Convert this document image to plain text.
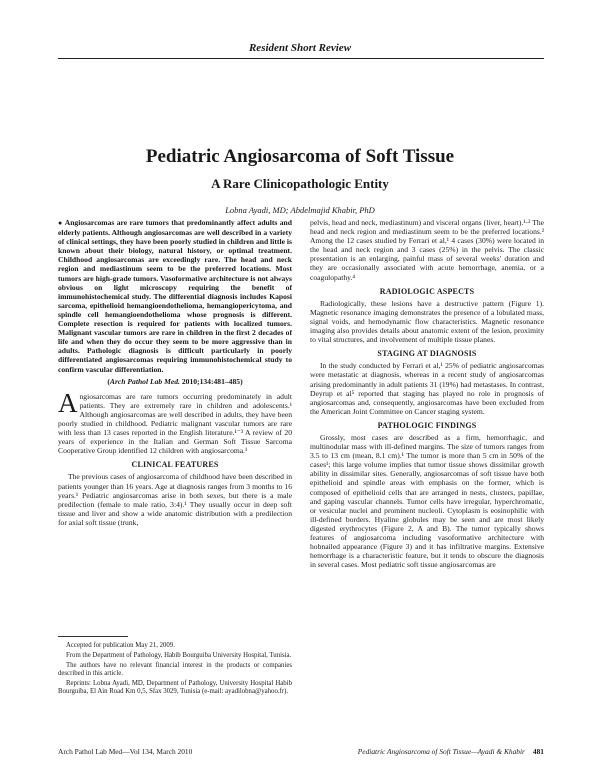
Resident Short Review
Pediatric Angiosarcoma of Soft Tissue
A Rare Clinicopathologic Entity
Lobna Ayadi, MD; Abdelmajid Khabir, PhD

● Angiosarcomas are rare tumors that predominantly affect adults and elderly patients. Although angiosarcomas are well described in a variety of clinical settings, they have been poorly studied in children and little is known about their biology, natural history, or optimal treatment. Childhood angiosarcomas are exceedingly rare. The head and neck region and mediastinum seem to be the preferred locations. Most tumors are high-grade tumors. Vasoformative architecture is not always obvious on light microscopy requiring the benefit of immunohistochemical study. The differential diagnosis includes Kaposi sarcoma, epithelioid hemangioendothelioma, hemangiopericytoma, and spindle cell hemangioendothelioma whose prognosis is different. Complete resection is required for patients with localized tumors. Malignant vascular tumors are rare in children in the first 2 decades of life and when they do occur they seem to be more aggressive than in adults. Pathologic diagnosis is difficult particularly in poorly differentiated angiosarcomas requiring immunohistochemical study to confirm vascular differentiation.

(Arch Pathol Lab Med. 2010;134:481–485)

Angiosarcomas are rare tumors occurring predominately in adult patients. They are extremely rare in children and adolescents.¹ Although angiosarcomas are well described in adults, they have been poorly studied in childhood. Pediatric malignant vascular tumors are rare with less than 13 cases reported in the English literature.¹⁻³ A review of 20 years of experience in the Italian and German Soft Tissue Sarcoma Cooperative Group identified 12 children with angiosarcoma.¹

CLINICAL FEATURES

The previous cases of angiosarcoma of childhood have been described in patients younger than 16 years. Age at diagnosis ranges from 3 months to 16 years.¹ Pediatric angiosarcomas arise in both sexes, but there is a male predilection (female to male ratio, 3:4).¹ They usually occur in deep soft tissue and liver and show a wide anatomic distribution with a predilection for axial soft tissue (trunk,

Accepted for publication May 21, 2009.

From the Department of Pathology, Habib Bourguiba University Hospital, Tunisia.

The authors have no relevant financial interest in the products or companies described in this article.

Reprints: Lobna Ayadi, MD, Department of Pathology, University Hospital Habib Bourguiba, El Ain Road Km 0,5, Sfax 3029, Tunisia (e-mail: ayadilobna@yahoo.fr).

pelvis, head and neck, mediastinum) and visceral organs (liver, heart).¹·² The head and neck region and mediastinum seem to be the preferred locations.² Among the 12 cases studied by Ferrari et al,¹ 4 cases (30%) were located in the head and neck region and 3 cases (25%) in the pelvis. The classic presentation is an enlarging, painful mass of several weeks' duration and they are occasionally associated with acute hemorrhage, anemia, or a coagulopathy.⁴

RADIOLOGIC ASPECTS

Radiologically, these lesions have a destructive pattern (Figure 1). Magnetic resonance imaging demonstrates the presence of a lobulated mass, signal voids, and hemodynamic flow characteristics. Magnetic resonance imaging also provides details about anatomic extent of the lesion, proximity to vital structures, and involvement of multiple tissue planes.

STAGING AT DIAGNOSIS

In the study conducted by Ferrari et al,¹ 25% of pediatric angiosarcomas were metastatic at diagnosis, whereas in a recent study of angiosarcomas arising predominantly in adult patients 31 (19%) had metastases. In contrast, Deyrup et al⁵ reported that staging has played no role in prognosis of angiosarcomas and, consequently, angiosarcomas have been excluded from the American Joint Committee on Cancer staging system.

PATHOLOGIC FINDINGS

Grossly, most cases are described as a firm, hemorrhagic, and multinodular mass with ill-defined margins. The size of tumors ranges from 3.5 to 13 cm (mean, 8.1 cm).¹ The tumor is more than 5 cm in 50% of the cases¹; this large volume implies that tumor tissue shows dissimilar growth ability in dissimilar sites. Generally, angiosarcomas of soft tissue have both epithelioid and spindle areas with emphasis on the former, which is composed of epithelioid cells that are arranged in nests, clusters, papillae, and gaping vascular channels. Tumor cells have irregular, hyperchromatic, or vesicular nuclei and prominent nucleoli. Cytoplasm is eosinophilic with ill-defined borders. Hyaline globules may be seen and are most likely digested erythrocytes (Figure 2, A and B). The tumor typically shows features of angiosarcoma including vasoformative architecture with hobnailed appearance (Figure 3) and it has infiltrative margins. Extensive hemorrhage is a characteristic feature, but it tends to obscure the diagnosis in several cases. Most pediatric soft tissue angiosarcomas are

Arch Pathol Lab Med—Vol 134, March 2010	Pediatric Angiosarcoma of Soft Tissue—Ayadi & Khabir 481
